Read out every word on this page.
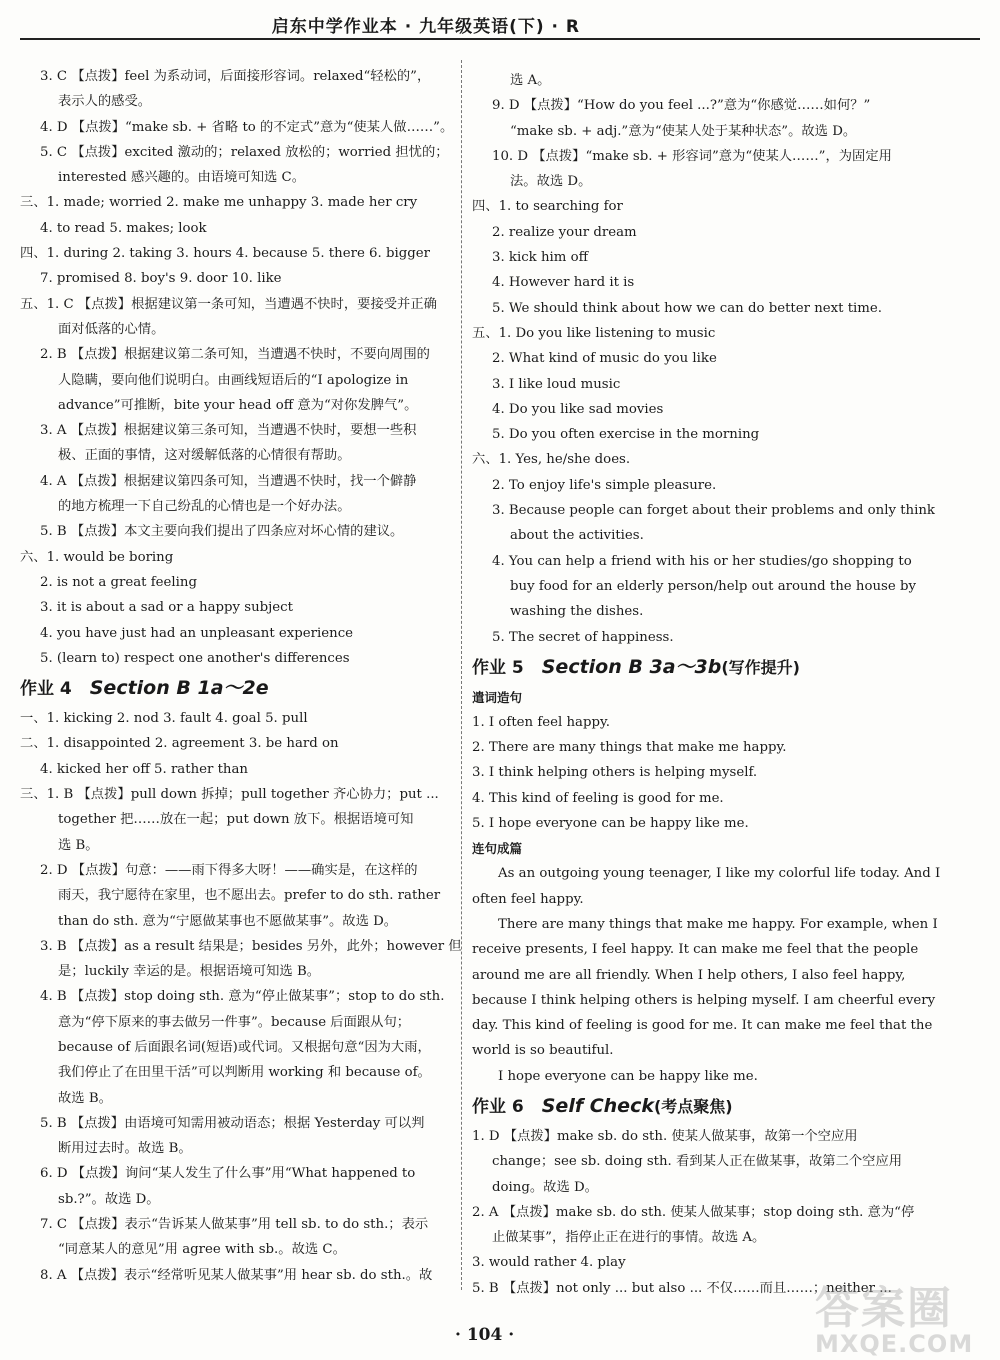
启东中学作业本 · 九年级英语(下) · R
3. C 【点拨】feel 为系动词，后面接形容词。relaxed“轻松的”，
表示人的感受。
4. D 【点拨】“make sb. + 省略 to 的不定式”意为“使某人做……”。
5. C 【点拨】excited 激动的；relaxed 放松的；worried 担忧的；
interested 感兴趣的。由语境可知选 C。
三、1. made; worried 2. make me unhappy 3. made her cry
4. to read 5. makes; look
四、1. during 2. taking 3. hours 4. because 5. there 6. bigger
7. promised 8. boy's 9. door 10. like
五、1. C 【点拨】根据建议第一条可知，当遭遇不快时，要接受并正确
面对低落的心情。
2. B 【点拨】根据建议第二条可知，当遭遇不快时，不要向周围的
人隐瞒，要向他们说明白。由画线短语后的“I apologize in
advance”可推断，bite your head off 意为“对你发脾气”。
3. A 【点拨】根据建议第三条可知，当遭遇不快时，要想一些积
极、正面的事情，这对缓解低落的心情很有帮助。
4. A 【点拨】根据建议第四条可知，当遭遇不快时，找一个僻静
的地方梳理一下自己纷乱的心情也是一个好办法。
5. B 【点拨】本文主要向我们提出了四条应对坏心情的建议。
六、1. would be boring
2. is not a great feeling
3. it is about a sad or a happy subject
4. you have just had an unpleasant experience
5. (learn to) respect one another's differences
作业 4 Section B 1a～2e
一、1. kicking 2. nod 3. fault 4. goal 5. pull
二、1. disappointed 2. agreement 3. be hard on
4. kicked her off 5. rather than
三、1. B 【点拨】pull down 拆掉；pull together 齐心协力；put ...
together 把……放在一起；put down 放下。根据语境可知
选 B。
2. D 【点拨】句意：——雨下得多大呀！——确实是，在这样的
雨天，我宁愿待在家里，也不愿出去。prefer to do sth. rather
than do sth. 意为“宁愿做某事也不愿做某事”。故选 D。
3. B 【点拨】as a result 结果是；besides 另外，此外；however 但
是；luckily 幸运的是。根据语境可知选 B。
4. B 【点拨】stop doing sth. 意为“停止做某事”；stop to do sth.
意为“停下原来的事去做另一件事”。because 后面跟从句；
because of 后面跟名词(短语)或代词。又根据句意“因为大雨，
我们停止了在田里干活”可以判断用 working 和 because of。
故选 B。
5. B 【点拨】由语境可知需用被动语态；根据 Yesterday 可以判
断用过去时。故选 B。
6. D 【点拨】询问“某人发生了什么事”用“What happened to
sb.?”。故选 D。
7. C 【点拨】表示“告诉某人做某事”用 tell sb. to do sth.；表示
“同意某人的意见”用 agree with sb.。故选 C。
8. A 【点拨】表示“经常听见某人做某事”用 hear sb. do sth.。故
选 A。
9. D 【点拨】“How do you feel ...?”意为“你感觉……如何？”
“make sb. + adj.”意为“使某人处于某种状态”。故选 D。
10. D 【点拨】“make sb. + 形容词”意为“使某人……”，为固定用
法。故选 D。
四、1. to searching for
2. realize your dream
3. kick him off
4. However hard it is
5. We should think about how we can do better next time.
五、1. Do you like listening to music
2. What kind of music do you like
3. I like loud music
4. Do you like sad movies
5. Do you often exercise in the morning
六、1. Yes, he/she does.
2. To enjoy life's simple pleasure.
3. Because people can forget about their problems and only think
about the activities.
4. You can help a friend with his or her studies/go shopping to
buy food for an elderly person/help out around the house by
washing the dishes.
5. The secret of happiness.
作业 5 Section B 3a～3b(写作提升)
遣词造句
1. I often feel happy.
2. There are many things that make me happy.
3. I think helping others is helping myself.
4. This kind of feeling is good for me.
5. I hope everyone can be happy like me.
连句成篇
As an outgoing young teenager, I like my colorful life today. And I often feel happy.
There are many things that make me happy. For example, when I receive presents, I feel happy. It can make me feel that the people around me are all friendly. When I help others, I also feel happy, because I think helping others is helping myself. I am cheerful every day. This kind of feeling is good for me. It can make me feel that the world is so beautiful.
I hope everyone can be happy like me.
作业 6 Self Check(考点聚焦)
1. D 【点拨】make sb. do sth. 使某人做某事，故第一个空应用
change；see sb. doing sth. 看到某人正在做某事，故第二个空应用
doing。故选 D。
2. A 【点拨】make sb. do sth. 使某人做某事；stop doing sth. 意为“停
止做某事”，指停止正在进行的事情。故选 A。
3. would rather 4. play
5. B 【点拨】not only ... but also ... 不仅……而且……；neither ...
· 104 ·
答案圈
MXQE.COM
